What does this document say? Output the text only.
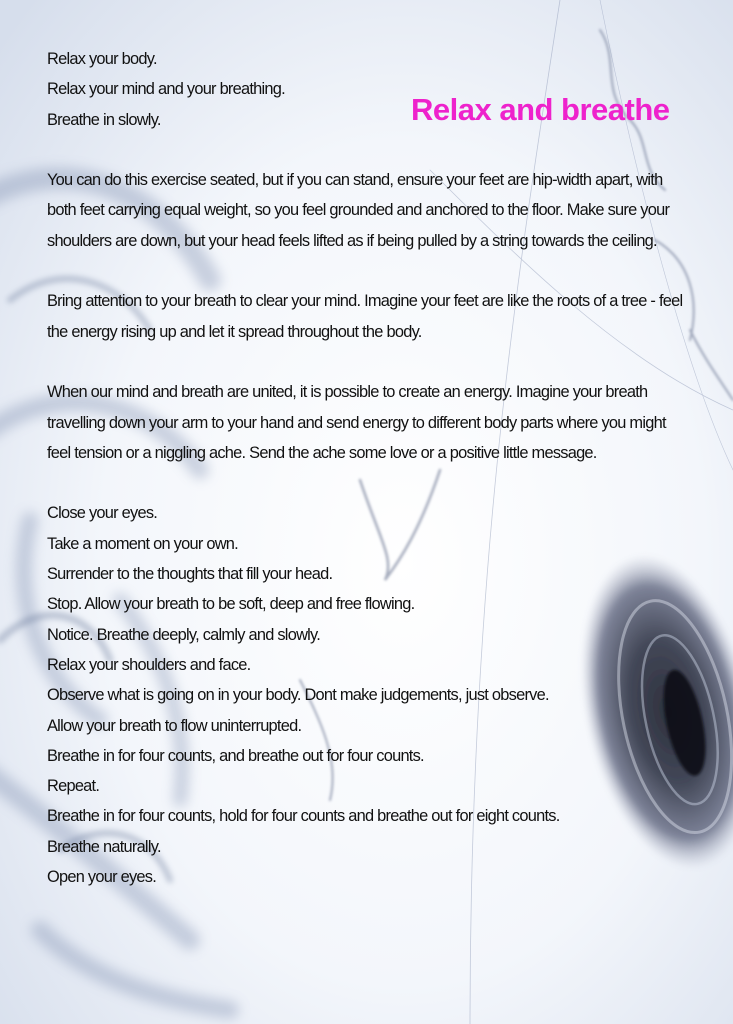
Relax and breathe
Relax your body.
Relax your mind and your breathing.
Breathe in slowly.

You can do this exercise seated, but if you can stand, ensure your feet are hip-width apart, with both feet carrying equal weight, so you feel grounded and anchored to the floor. Make sure your shoulders are down, but your head feels lifted as if being pulled by a string towards the ceiling.

Bring attention to your breath to clear your mind. Imagine your feet are like the roots of a tree - feel the energy rising up and let it spread throughout the body.

When our mind and breath are united, it is possible to create an energy. Imagine your breath travelling down your arm to your hand and send energy to different body parts where you might feel tension or a niggling ache. Send the ache some love or a positive little message.

Close your eyes.
Take a moment on your own.
Surrender to the thoughts that fill your head.
Stop. Allow your breath to be soft, deep and free flowing.
Notice. Breathe deeply, calmly and slowly.
Relax your shoulders and face.
Observe what is going on in your body. Dont make judgements, just observe.
Allow your breath to flow uninterrupted.
Breathe in for four counts, and breathe out for four counts.
Repeat.
Breathe in for four counts, hold for four counts and breathe out for eight counts.
Breathe naturally.
Open your eyes.
